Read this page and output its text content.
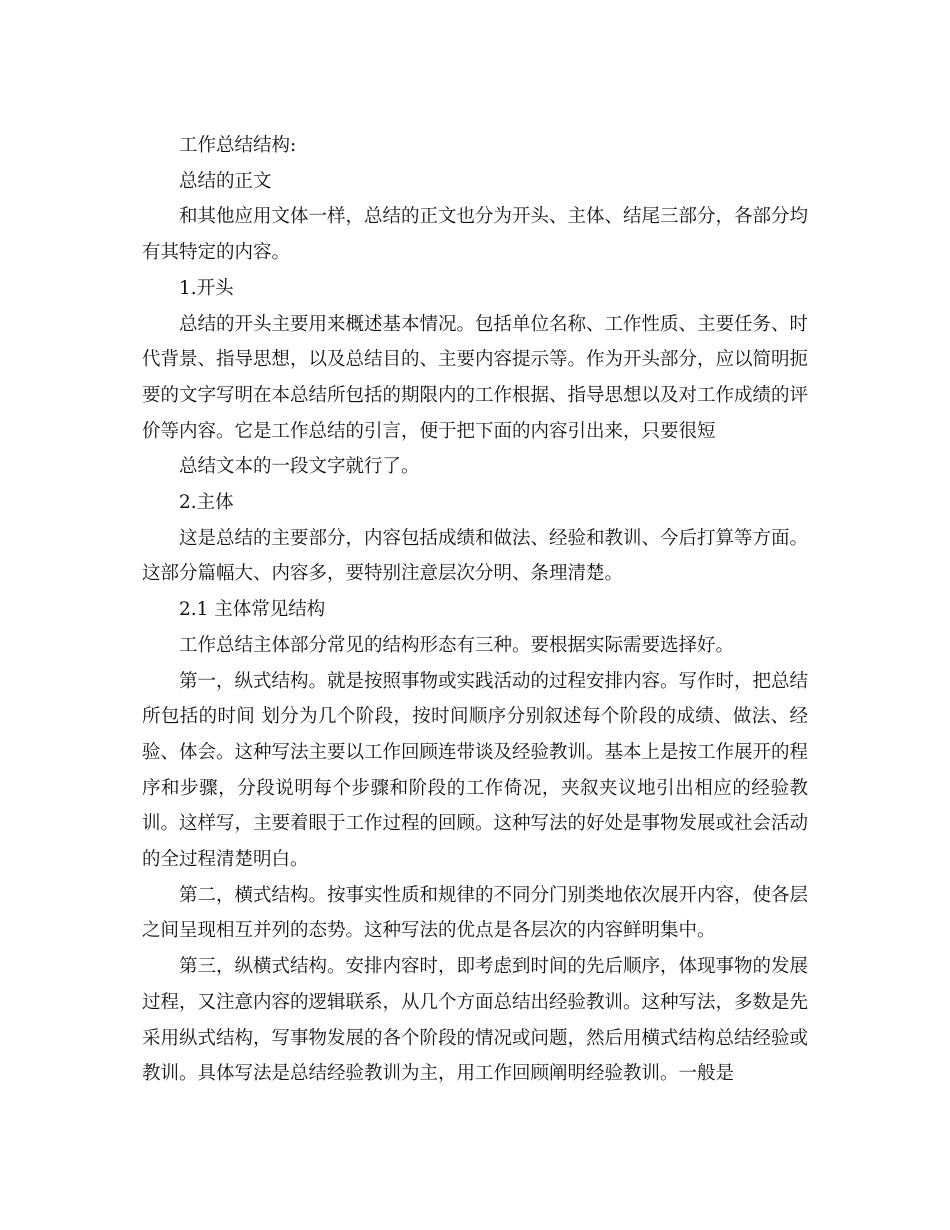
工作总结结构:

总结的正文

和其他应用文体一样，总结的正文也分为开头、主体、结尾三部分，各部分均有其特定的内容。

1.开头

总结的开头主要用来概述基本情况。包括单位名称、工作性质、主要任务、时代背景、指导思想，以及总结目的、主要内容提示等。作为开头部分，应以简明扼要的文字写明在本总结所包括的期限内的工作根据、指导思想以及对工作成绩的评价等内容。它是工作总结的引言，便于把下面的内容引出来，只要很短

总结文本的一段文字就行了。

2.主体

这是总结的主要部分，内容包括成绩和做法、经验和教训、今后打算等方面。这部分篇幅大、内容多，要特别注意层次分明、条理清楚。

2.1 主体常见结构

工作总结主体部分常见的结构形态有三种。要根据实际需要选择好。

第一，纵式结构。就是按照事物或实践活动的过程安排内容。写作时，把总结所包括的时间 划分为几个阶段，按时间顺序分别叙述每个阶段的成绩、做法、经验、体会。这种写法主要以工作回顾连带谈及经验教训。基本上是按工作展开的程序和步骤，分段说明每个步骤和阶段的工作倚况，夹叙夹议地引出相应的经验教训。这样写，主要着眼于工作过程的回顾。这种写法的好处是事物发展或社会活动的全过程清楚明白。

第二，横式结构。按事实性质和规律的不同分门别类地依次展开内容，使各层之间呈现相互并列的态势。这种写法的优点是各层次的内容鲜明集中。

第三，纵横式结构。安排内容时，即考虑到时间的先后顺序，体现事物的发展过程，又注意内容的逻辑联系，从几个方面总结出经验教训。这种写法，多数是先采用纵式结构，写事物发展的各个阶段的情况或问题，然后用横式结构总结经验或教训。具体写法是总结经验教训为主，用工作回顾阐明经验教训。一般是
